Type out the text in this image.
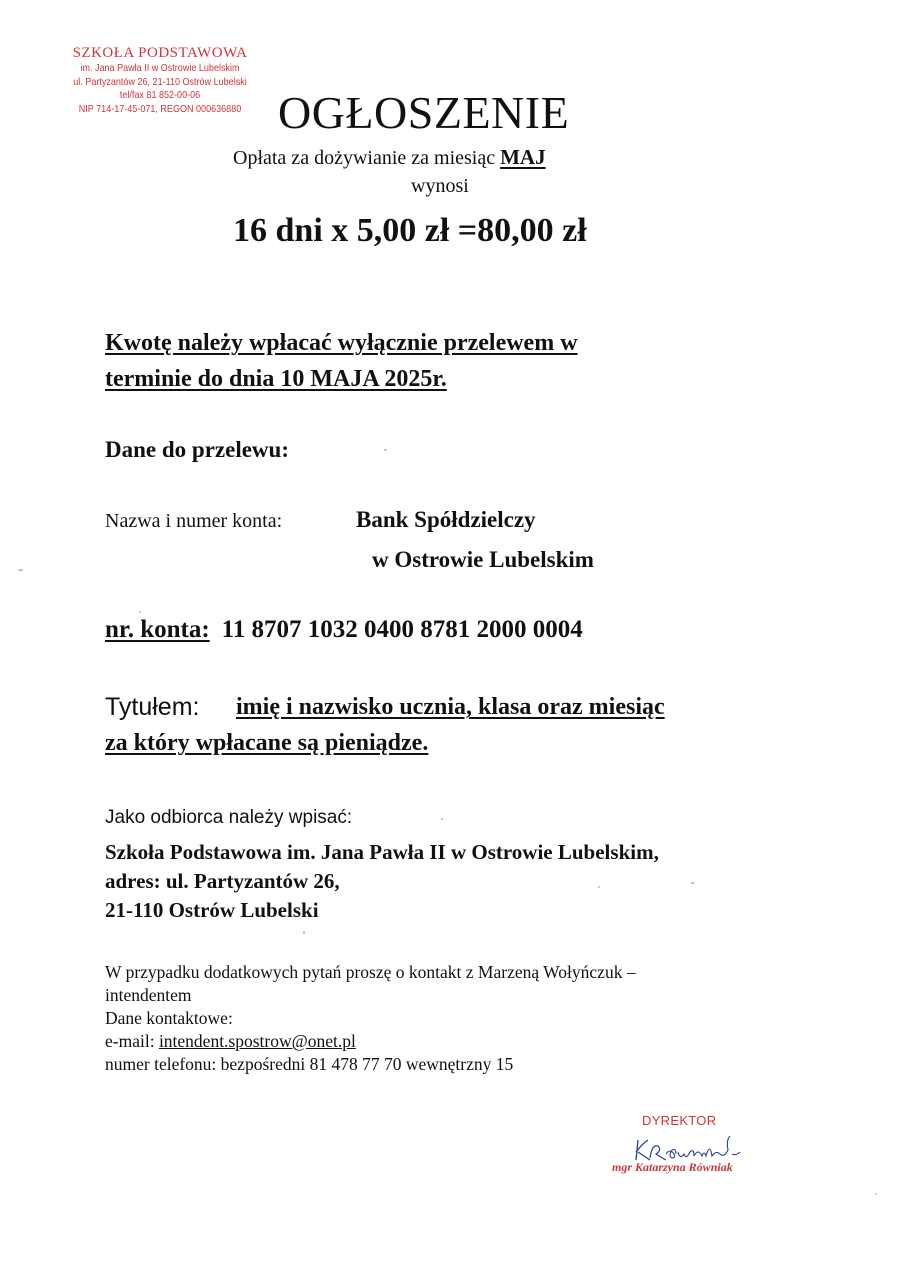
SZKOŁA PODSTAWOWA
im. Jana Pawła II w Ostrowie Lubelskim
ul. Partyzantów 26, 21-110 Ostrów Lubelski
tel/fax 81 852-00-06
NIP 714-17-45-071, REGON 000636880 OGŁOSZENIE
Opłata za dożywianie za miesiąc MAJ
wynosi
16 dni x 5,00 zł =80,00 zł
Kwotę należy wpłacać wyłącznie przelewem w
terminie do dnia 10 MAJA 2025r.
Dane do przelewu:
Nazwa i numer konta:	Bank Spółdzielczy
w Ostrowie Lubelskim
nr. konta: 11 8707 1032 0400 8781 2000 0004
Tytułem: imię i nazwisko ucznia, klasa oraz miesiąc
za który wpłacane są pieniądze.
Jako odbiorca należy wpisać:
Szkoła Podstawowa im. Jana Pawła II w Ostrowie Lubelskim,
adres: ul. Partyzantów 26,
21-110 Ostrów Lubelski
W przypadku dodatkowych pytań proszę o kontakt z Marzeną Wołyńczuk –
intendentem
Dane kontaktowe:
e-mail: intendent.spostrow@onet.pl
numer telefonu: bezpośredni 81 478 77 70 wewnętrzny 15
DYREKTOR
mgr Katarzyna Równiak
